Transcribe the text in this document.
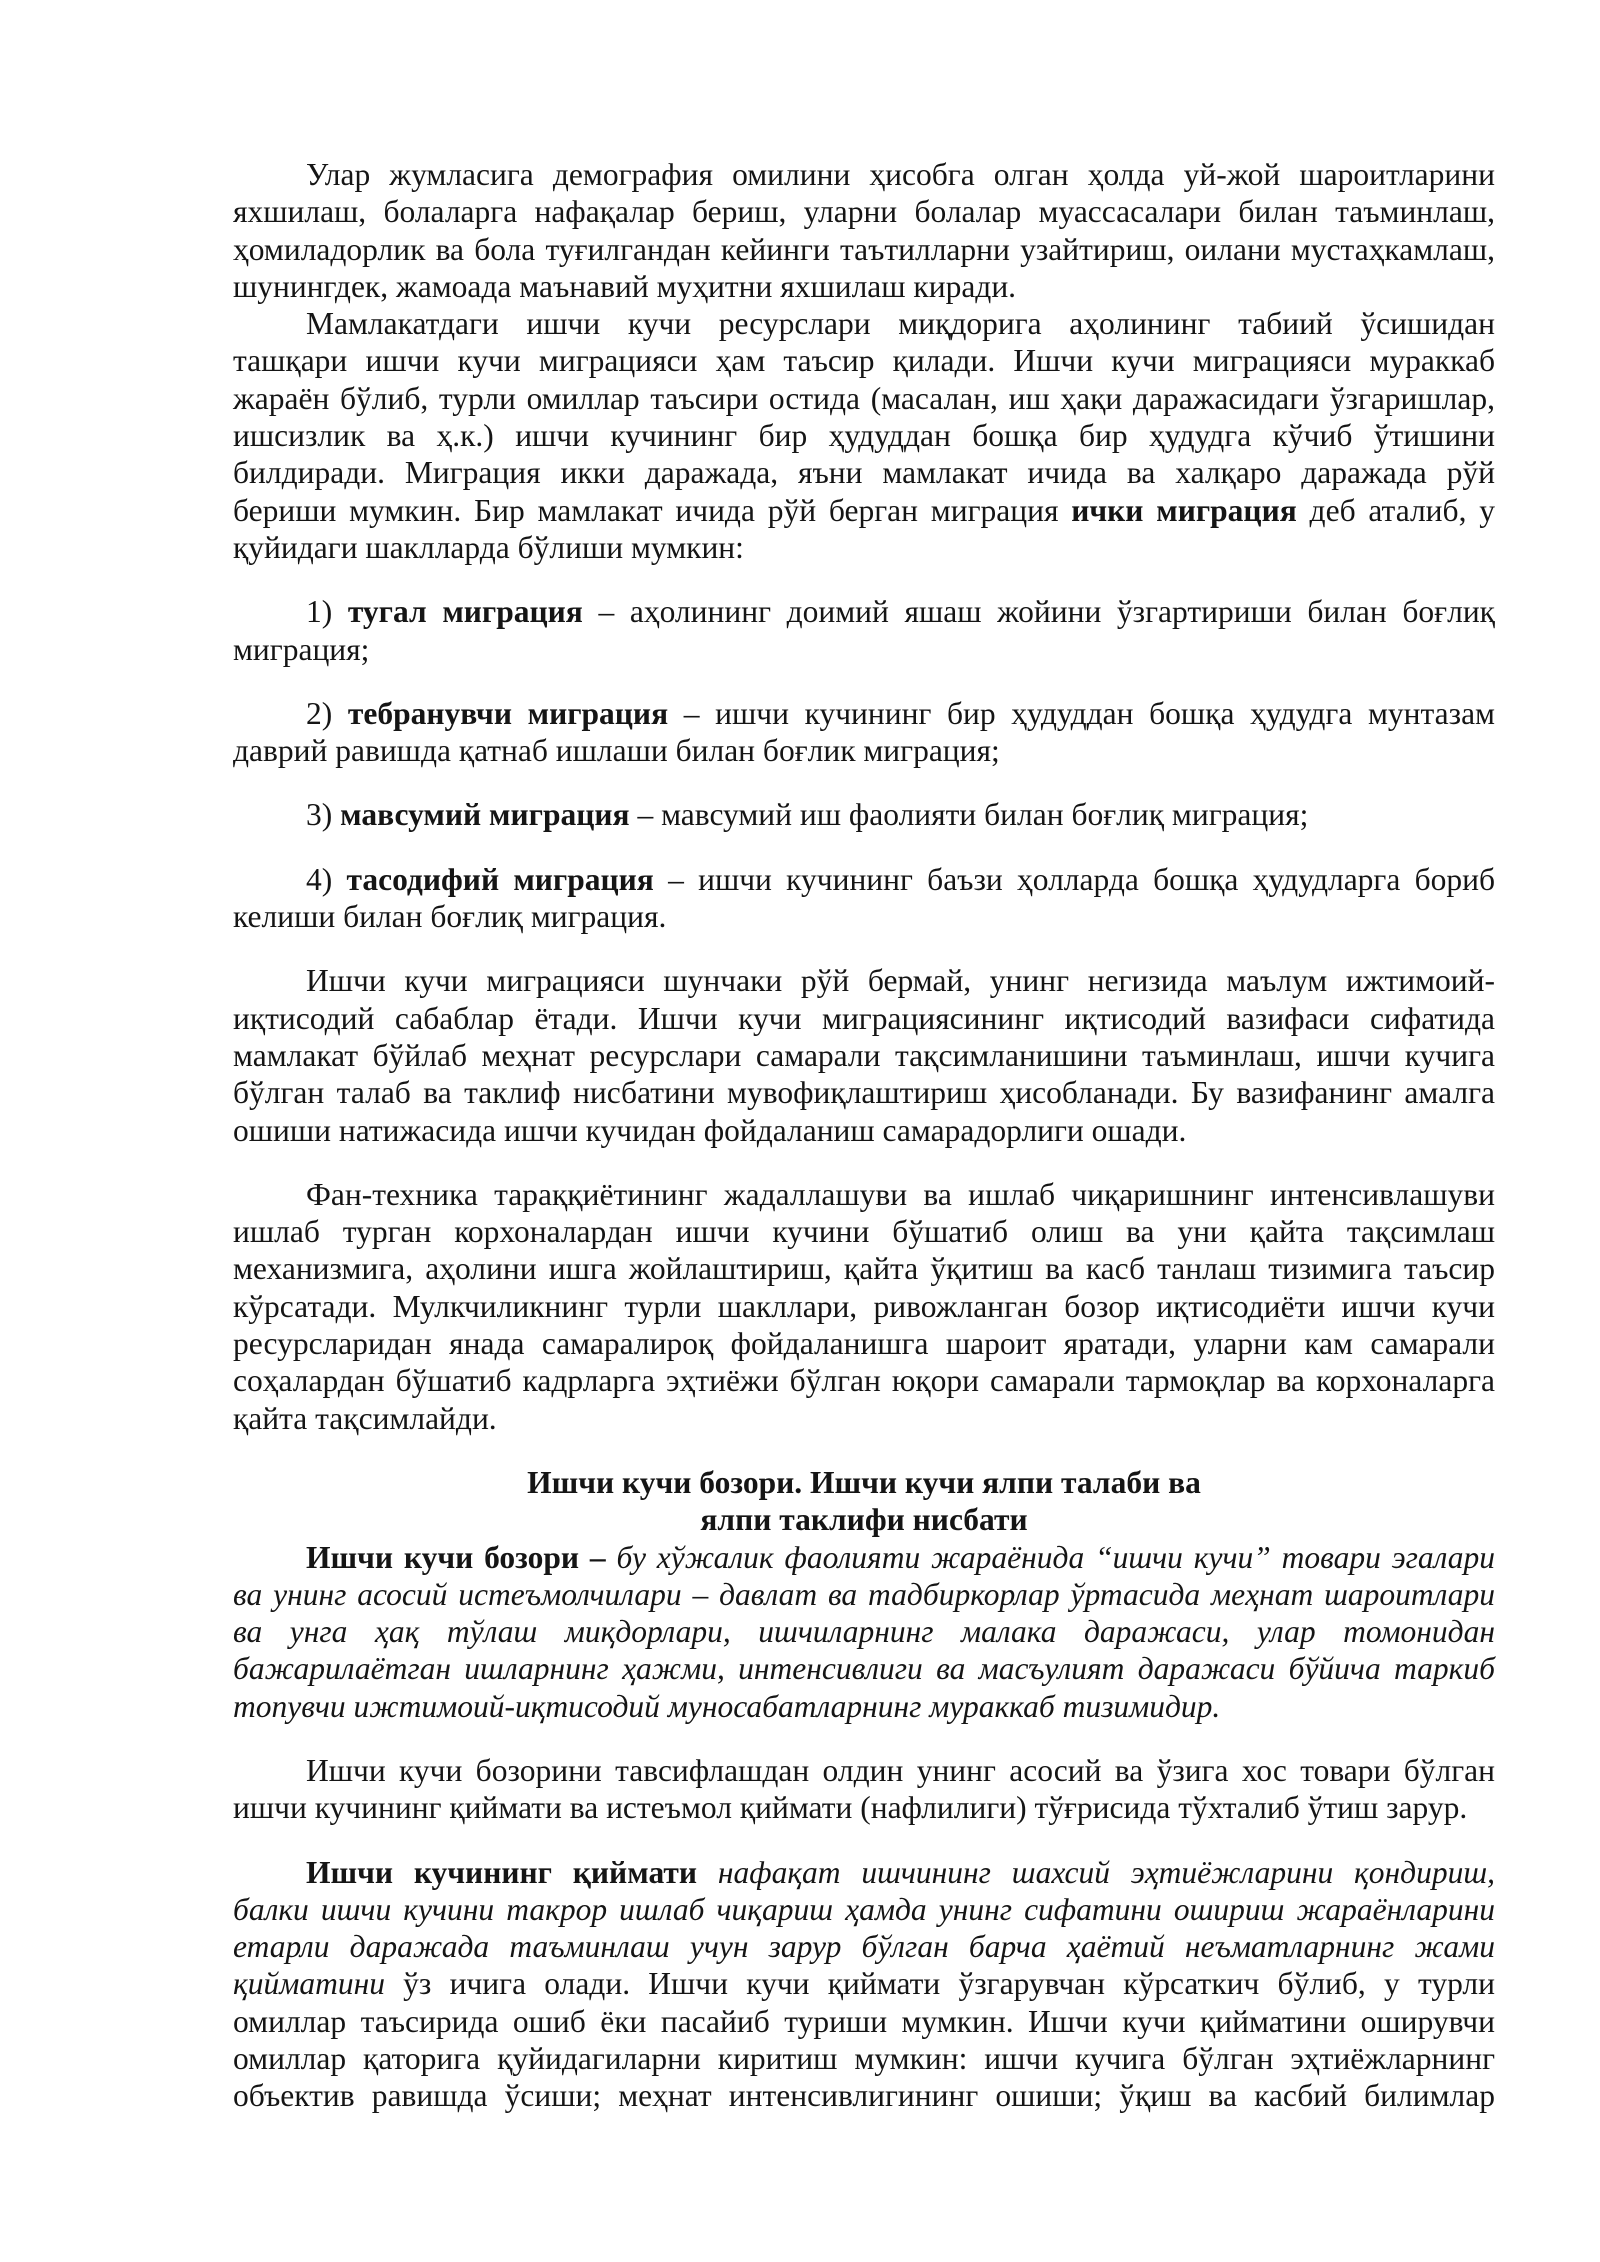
Улар жумласига демография омилини ҳисобга олган ҳолда уй-жой шароитларини
яхшилаш, болаларга нафақалар бериш, уларни болалар муассасалари билан таъминлаш,
ҳомиладорлик ва бола туғилгандан кейинги таътилларни узайтириш, оилани мустаҳкамлаш,
шунингдек, жамоада маънавий муҳитни яхшилаш киради.
Мамлакатдаги ишчи кучи ресурслари миқдорига аҳолининг табиий ўсишидан
ташқари ишчи кучи миграцияси ҳам таъсир қилади. Ишчи кучи миграцияси мураккаб
жараён бўлиб, турли омиллар таъсири остида (масалан, иш ҳақи даражасидаги ўзгаришлар,
ишсизлик ва ҳ.к.) ишчи кучининг бир ҳудуддан бошқа бир ҳудудга кўчиб ўтишини
билдиради. Миграция икки даражада, яъни мамлакат ичида ва халқаро даражада рўй
бериши мумкин. Бир мамлакат ичида рўй берган миграция ички миграция деб аталиб, у
қуйидаги шаклларда бўлиши мумкин:
1) тугал миграция – аҳолининг доимий яшаш жойини ўзгартириши билан боғлиқ
миграция;
2) тебранувчи миграция – ишчи кучининг бир ҳудуддан бошқа ҳудудга мунтазам
даврий равишда қатнаб ишлаши билан боғлик миграция;
3) мавсумий миграция – мавсумий иш фаолияти билан боғлиқ миграция;
4) тасодифий миграция – ишчи кучининг баъзи ҳолларда бошқа ҳудудларга бориб
келиши билан боғлиқ миграция.
Ишчи кучи миграцияси шунчаки рўй бермай, унинг негизида маълум ижтимоий-
иқтисодий сабаблар ётади. Ишчи кучи миграциясининг иқтисодий вазифаси сифатида
мамлакат бўйлаб меҳнат ресурслари самарали тақсимланишини таъминлаш, ишчи кучига
бўлган талаб ва таклиф нисбатини мувофиқлаштириш ҳисобланади. Бу вазифанинг амалга
ошиши натижасида ишчи кучидан фойдаланиш самарадорлиги ошади.
Фан-техника тараққиётининг жадаллашуви ва ишлаб чиқаришнинг интенсивлашуви
ишлаб турган корхоналардан ишчи кучини бўшатиб олиш ва уни қайта тақсимлаш
механизмига, аҳолини ишга жойлаштириш, қайта ўқитиш ва касб танлаш тизимига таъсир
кўрсатади. Мулкчиликнинг турли шакллари, ривожланган бозор иқтисодиёти ишчи кучи
ресурсларидан янада самаралироқ фойдаланишга шароит яратади, уларни кам самарали
соҳалардан бўшатиб кадрларга эҳтиёжи бўлган юқори самарали тармоқлар ва корхоналарга
қайта тақсимлайди.
Ишчи кучи бозори. Ишчи кучи ялпи талаби ва
ялпи таклифи нисбати
Ишчи кучи бозори – бу хўжалик фаолияти жараёнида “ишчи кучи” товари эгалари
ва унинг асосий истеъмолчилари – давлат ва тадбиркорлар ўртасида меҳнат шароитлари
ва унга ҳақ тўлаш миқдорлари, ишчиларнинг малака даражаси, улар томонидан
бажарилаётган ишларнинг ҳажми, интенсивлиги ва масъулият даражаси бўйича таркиб
топувчи ижтимоий-иқтисодий муносабатларнинг мураккаб тизимидир.
Ишчи кучи бозорини тавсифлашдан олдин унинг асосий ва ўзига хос товари бўлган
ишчи кучининг қиймати ва истеъмол қиймати (нафлилиги) тўғрисида тўхталиб ўтиш зарур.
Ишчи кучининг қиймати нафақат ишчининг шахсий эҳтиёжларини қондириш,
балки ишчи кучини такрор ишлаб чиқариш ҳамда унинг сифатини ошириш жараёнларини
етарли даражада таъминлаш учун зарур бўлган барча ҳаётий неъматларнинг жами
қийматини ўз ичига олади. Ишчи кучи қиймати ўзгарувчан кўрсаткич бўлиб, у турли
омиллар таъсирида ошиб ёки пасайиб туриши мумкин. Ишчи кучи қийматини оширувчи
омиллар қаторига қуйидагиларни киритиш мумкин: ишчи кучига бўлган эҳтиёжларнинг
объектив равишда ўсиши; меҳнат интенсивлигининг ошиши; ўқиш ва касбий билимлар
